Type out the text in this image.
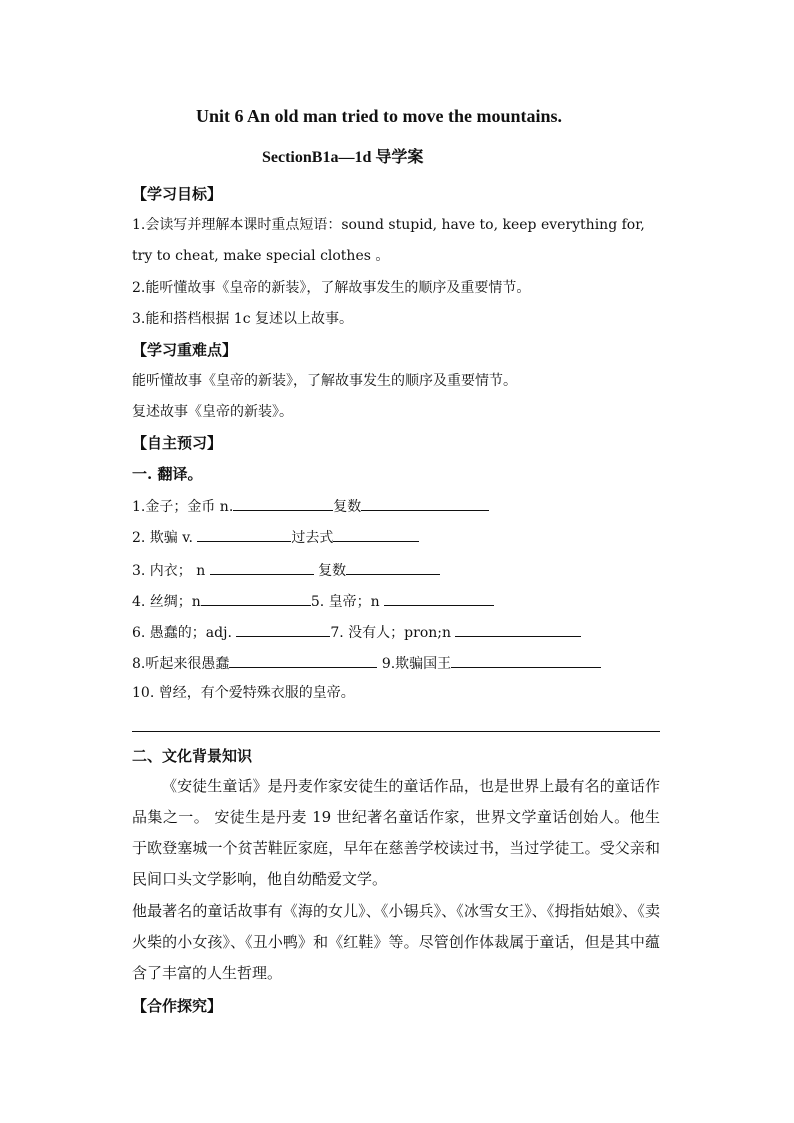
Unit 6 An old man tried to move the mountains.
SectionB1a—1d 导学案
【学习目标】
1.会读写并理解本课时重点短语：sound stupid, have to, keep everything for,
try to cheat, make special clothes 。
2.能听懂故事《皇帝的新装》，了解故事发生的顺序及重要情节。
3.能和搭档根据 1c 复述以上故事。
【学习重难点】
能听懂故事《皇帝的新装》，了解故事发生的顺序及重要情节。
复述故事《皇帝的新装》。
【自主预习】
一. 翻译。
1.金子；金币 n.	复数
2. 欺骗 v.	过去式
3. 内衣； n	复数
4. 丝绸；n	5. 皇帝；n
6. 愚蠢的；adj.	7. 没有人；pron;n
8.听起来很愚蠢	9.欺骗国王
10. 曾经，有个爱特殊衣服的皇帝。
二、文化背景知识
《安徒生童话》是丹麦作家安徒生的童话作品，也是世界上最有名的童话作品集之一。 安徒生是丹麦 19 世纪著名童话作家，世界文学童话创始人。他生于欧登塞城一个贫苦鞋匠家庭，早年在慈善学校读过书，当过学徒工。受父亲和民间口头文学影响，他自幼酷爱文学。
他最著名的童话故事有《海的女儿》、《小锡兵》、《冰雪女王》、《拇指姑娘》、《卖火柴的小女孩》、《丑小鸭》和《红鞋》等。尽管创作体裁属于童话，但是其中蕴含了丰富的人生哲理。
【合作探究】
